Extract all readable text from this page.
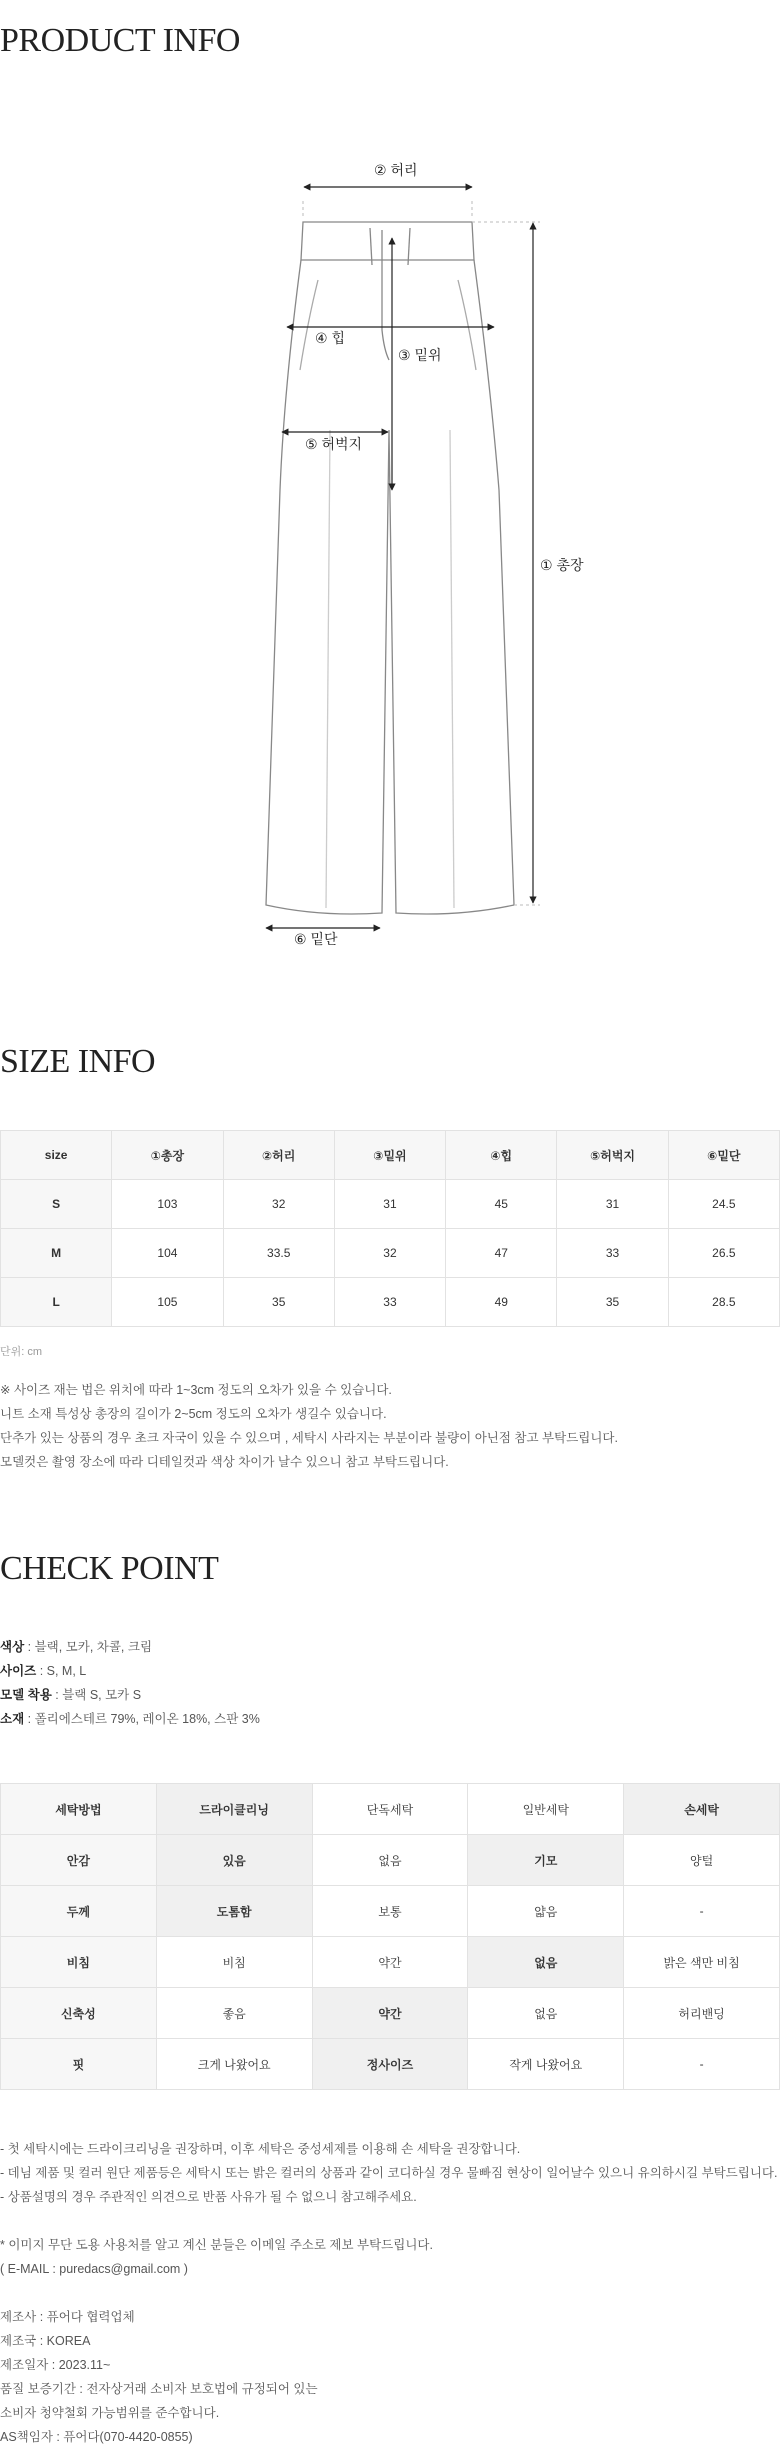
PRODUCT INFO
② 허리
④ 힙
③ 밑위
⑤ 허벅지
① 총장
⑥ 밑단
SIZE INFO
size	①총장	②허리	③밑위	④힙	⑤허벅지	⑥밑단
S	103	32	31	45	31	24.5
M	104	33.5	32	47	33	26.5
L	105	35	33	49	35	28.5
단위: cm

※ 사이즈 재는 법은 위치에 따라 1~3cm 정도의 오차가 있을 수 있습니다.

니트 소재 특성상 총장의 길이가 2~5cm 정도의 오차가 생길수 있습니다.

단추가 있는 상품의 경우 초크 자국이 있을 수 있으며 , 세탁시 사라지는 부분이라 불량이 아닌점 참고 부탁드립니다.

모델컷은 촬영 장소에 따라 디테일컷과 색상 차이가 날수 있으니 참고 부탁드립니다.

CHECK POINT

색상 : 블랙, 모카, 차콜, 크림

사이즈 : S, M, L

모델 착용 : 블랙 S, 모카 S

소재 : 폴리에스테르 79%, 레이온 18%, 스판 3%

세탁방법	드라이클리닝	단독세탁	일반세탁	손세탁
안감	있음	없음	기모	양털
두께	도톰함	보통	얇음	-
비침	비침	약간	없음	밝은 색만 비침
신축성	좋음	약간	없음	허리밴딩
핏	크게 나왔어요	정사이즈	작게 나왔어요	-

- 첫 세탁시에는 드라이크리닝을 권장하며, 이후 세탁은 중성세제를 이용해 손 세탁을 권장합니다.

- 데님 제품 및 컬러 원단 제품등은 세탁시 또는 밝은 컬러의 상품과 같이 코디하실 경우 물빠짐 현상이 일어날수 있으니 유의하시길 부탁드립니다.

- 상품설명의 경우 주관적인 의견으로 반품 사유가 될 수 없으니 참고해주세요.

* 이미지 무단 도용 사용처를 알고 계신 분들은 이메일 주소로 제보 부탁드립니다.

( E-MAIL : puredacs@gmail.com )

제조사 : 퓨어다 협력업체

제조국 : KOREA

제조일자 : 2023.11~

품질 보증기간 : 전자상거래 소비자 보호법에 규정되어 있는

소비자 청약철회 가능범위를 준수합니다.

AS책임자 : 퓨어다(070-4420-0855)
